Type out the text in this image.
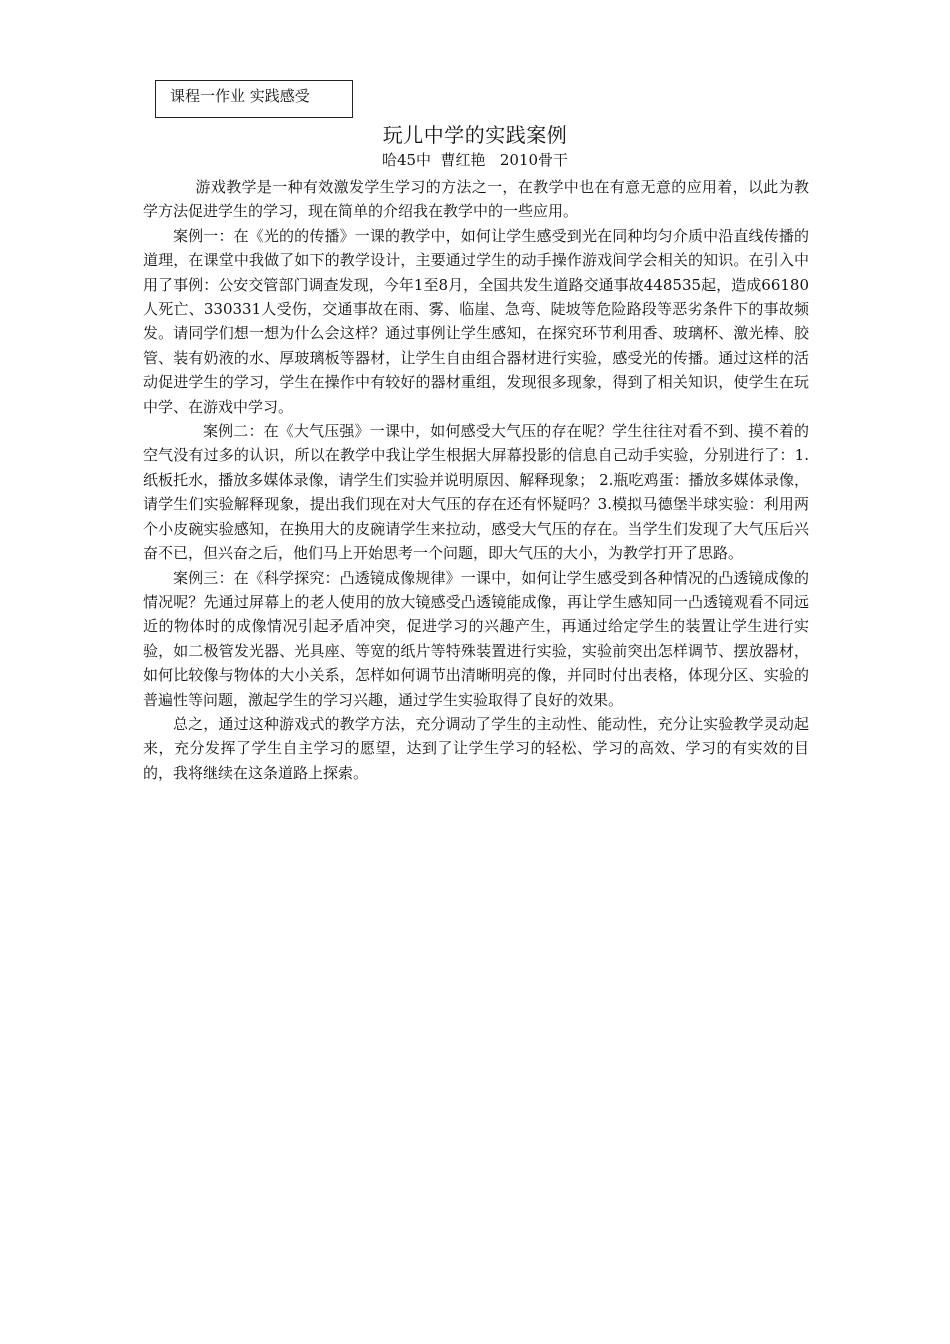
课程一作业 实践感受
玩儿中学的实践案例
哈45中  曹红艳   2010骨干

游戏教学是一种有效激发学生学习的方法之一，在教学中也在有意无意的应用着，以此为教学方法促进学生的学习，现在简单的介绍我在教学中的一些应用。

案例一：在《光的的传播》一课的教学中，如何让学生感受到光在同种均匀介质中沿直线传播的道理，在课堂中我做了如下的教学设计，主要通过学生的动手操作游戏间学会相关的知识。在引入中用了事例：公安交管部门调查发现，今年1至8月，全国共发生道路交通事故448535起，造成66180人死亡、330331人受伤，交通事故在雨、雾、临崖、急弯、陡坡等危险路段等恶劣条件下的事故频发。请同学们想一想为什么会这样？通过事例让学生感知，在探究环节利用香、玻璃杯、激光棒、胶管、装有奶液的水、厚玻璃板等器材，让学生自由组合器材进行实验，感受光的传播。通过这样的活动促进学生的学习，学生在操作中有较好的器材重组，发现很多现象，得到了相关知识，使学生在玩中学、在游戏中学习。

案例二：在《大气压强》一课中，如何感受大气压的存在呢？学生往往对看不到、摸不着的空气没有过多的认识，所以在教学中我让学生根据大屏幕投影的信息自己动手实验，分别进行了：1.纸板托水，播放多媒体录像，请学生们实验并说明原因、解释现象； 2.瓶吃鸡蛋：播放多媒体录像，请学生们实验解释现象，提出我们现在对大气压的存在还有怀疑吗？3.模拟马德堡半球实验：利用两个小皮碗实验感知，在换用大的皮碗请学生来拉动，感受大气压的存在。当学生们发现了大气压后兴奋不已，但兴奋之后，他们马上开始思考一个问题，即大气压的大小，为教学打开了思路。

案例三：在《科学探究：凸透镜成像规律》一课中，如何让学生感受到各种情况的凸透镜成像的情况呢？先通过屏幕上的老人使用的放大镜感受凸透镜能成像，再让学生感知同一凸透镜观看不同远近的物体时的成像情况引起矛盾冲突，促进学习的兴趣产生，再通过给定学生的装置让学生进行实验，如二极管发光器、光具座、等宽的纸片等特殊装置进行实验，实验前突出怎样调节、摆放器材，如何比较像与物体的大小关系，怎样如何调节出清晰明亮的像，并同时付出表格，体现分区、实验的普遍性等问题，激起学生的学习兴趣，通过学生实验取得了良好的效果。

总之，通过这种游戏式的教学方法，充分调动了学生的主动性、能动性，充分让实验教学灵动起来，充分发挥了学生自主学习的愿望，达到了让学生学习的轻松、学习的高效、学习的有实效的目的，我将继续在这条道路上探索。
